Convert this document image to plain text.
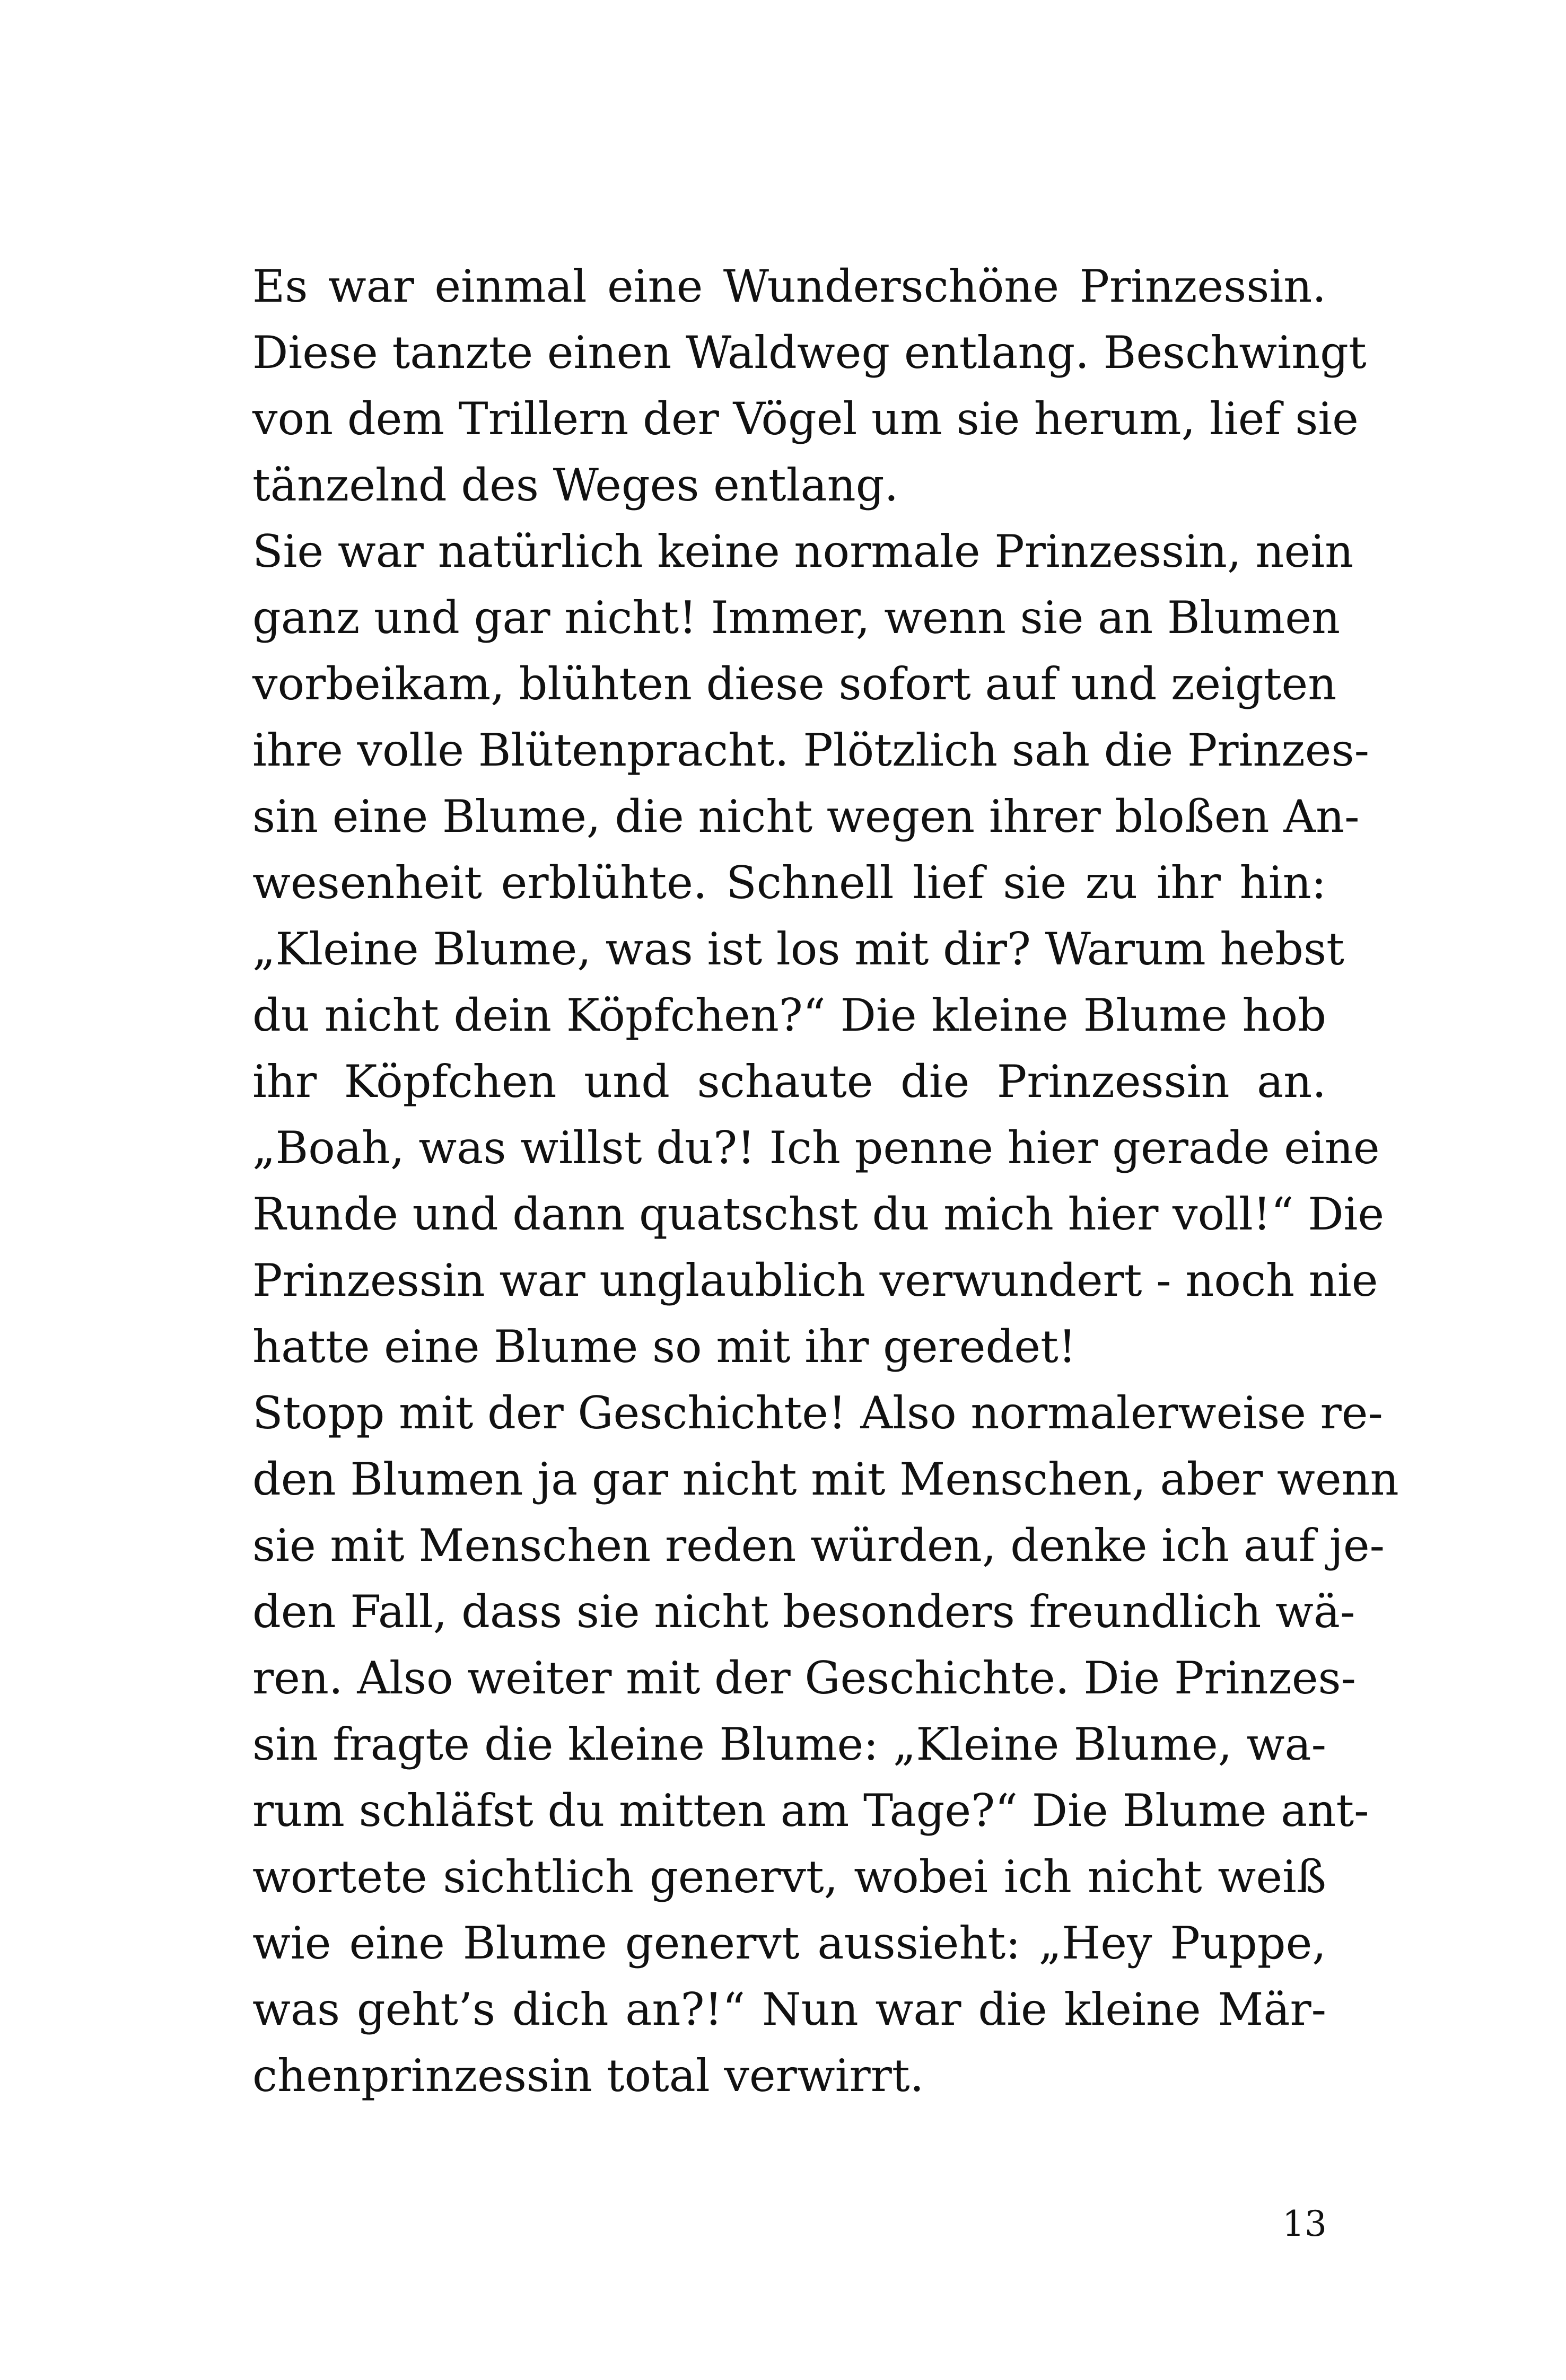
Es war einmal eine Wunderschöne Prinzessin.
Diese tanzte einen Waldweg entlang. Beschwingt
von dem Trillern der Vögel um sie herum, lief sie
tänzelnd des Weges entlang.
Sie war natürlich keine normale Prinzessin, nein
ganz und gar nicht! Immer, wenn sie an Blumen
vorbeikam, blühten diese sofort auf und zeigten
ihre volle Blütenpracht. Plötzlich sah die Prinzes-
sin eine Blume, die nicht wegen ihrer bloßen An-
wesenheit erblühte. Schnell lief sie zu ihr hin:
„Kleine Blume, was ist los mit dir? Warum hebst
du nicht dein Köpfchen?“ Die kleine Blume hob
ihr Köpfchen und schaute die Prinzessin an.
„Boah, was willst du?! Ich penne hier gerade eine
Runde und dann quatschst du mich hier voll!“ Die
Prinzessin war unglaublich verwundert - noch nie
hatte eine Blume so mit ihr geredet!
Stopp mit der Geschichte! Also normalerweise re-
den Blumen ja gar nicht mit Menschen, aber wenn
sie mit Menschen reden würden, denke ich auf je-
den Fall, dass sie nicht besonders freundlich wä-
ren. Also weiter mit der Geschichte. Die Prinzes-
sin fragte die kleine Blume: „Kleine Blume, wa-
rum schläfst du mitten am Tage?“ Die Blume ant-
wortete sichtlich genervt, wobei ich nicht weiß
wie eine Blume genervt aussieht: „Hey Puppe,
was geht’s dich an?!“ Nun war die kleine Mär-
chenprinzessin total verwirrt.
13
